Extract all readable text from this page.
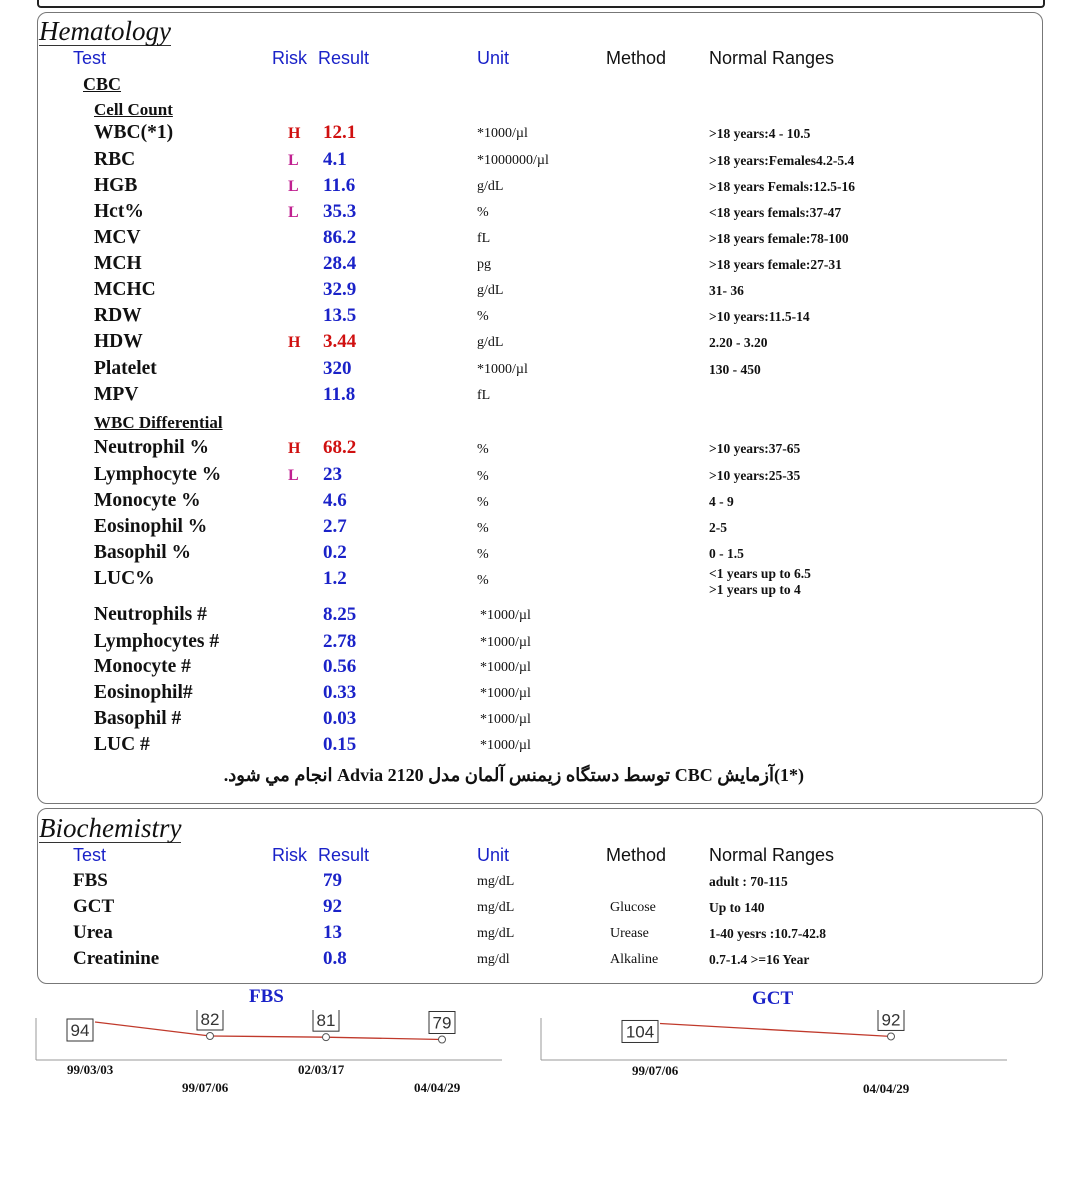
Hematology
Test	Risk Result	Unit	Method Normal Ranges
CBC
Cell Count
WBC(*1)	H 12.1	*1000/µl	>18 years:4 - 10.5
RBC	L 4.1	*1000000/µl	>18 years:Females4.2-5.4
HGB	L 11.6	g/dL	>18 years Femals:12.5-16
Hct%	L 35.3	%	<18 years femals:37-47
MCV	86.2	fL	>18 years female:78-100
MCH	28.4	pg	>18 years female:27-31
MCHC	32.9	g/dL	31- 36
RDW	13.5	%	>10 years:11.5-14
HDW	H 3.44	g/dL	2.20 - 3.20
Platelet	320	*1000/µl	130 - 450
MPV	11.8	fL
WBC Differential
Neutrophil %	H 68.2	%	>10 years:37-65
Lymphocyte %	L 23	%	>10 years:25-35
Monocyte %	4.6	%	4 - 9
Eosinophil %	2.7	%	2-5
Basophil %	0.2	%	0 - 1.5
LUC%	1.2	%	<1 years up to 6.5
>1 years up to 4
Neutrophils #	8.25	*1000/µl
Lymphocytes #	2.78	*1000/µl
Monocyte #	0.56	*1000/µl
Eosinophil#	0.33	*1000/µl
Basophil #	0.03	*1000/µl
LUC #	0.15	*1000/µl
(*1)آزمایش CBC توسط دستگاه زیمنس آلمان مدل Advia 2120 انجام مي شود.
Biochemistry
Test	Risk Result	Unit	Method Normal Ranges
FBS	79	mg/dL	adult : 70-115
GCT	92	mg/dL	Glucose	Up to 140
Urea	13	mg/dL	Urease	1-40 yesrs :10.7-42.8
Creatinine	0.8	mg/dl	Alkaline	0.7-1.4 >=16 Year
FBS	GCT
94
82	81	79	104
92
99/03/03
99/07/06
02/03/17
04/04/29
99/07/06
04/04/29
